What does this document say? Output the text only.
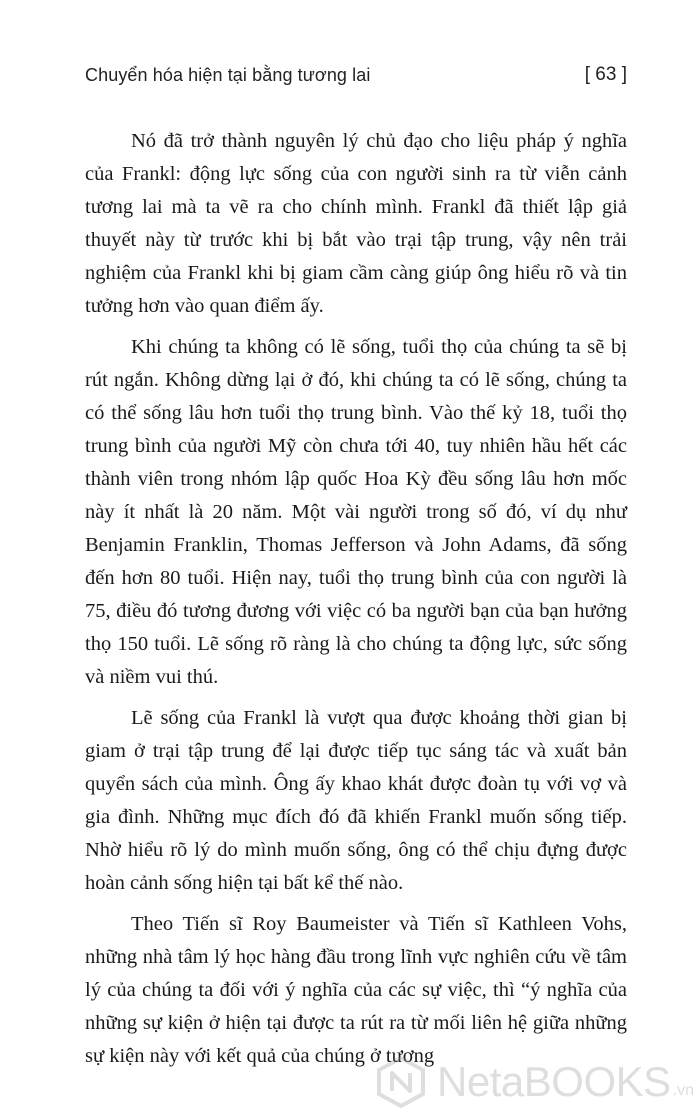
Chuyển hóa hiện tại bằng tương lai	[ 63 ]

Nó đã trở thành nguyên lý chủ đạo cho liệu pháp ý nghĩa của Frankl: động lực sống của con người sinh ra từ viễn cảnh tương lai mà ta vẽ ra cho chính mình. Frankl đã thiết lập giả thuyết này từ trước khi bị bắt vào trại tập trung, vậy nên trải nghiệm của Frankl khi bị giam cầm càng giúp ông hiểu rõ và tin tưởng hơn vào quan điểm ấy.

Khi chúng ta không có lẽ sống, tuổi thọ của chúng ta sẽ bị rút ngắn. Không dừng lại ở đó, khi chúng ta có lẽ sống, chúng ta có thể sống lâu hơn tuổi thọ trung bình. Vào thế kỷ 18, tuổi thọ trung bình của người Mỹ còn chưa tới 40, tuy nhiên hầu hết các thành viên trong nhóm lập quốc Hoa Kỳ đều sống lâu hơn mốc này ít nhất là 20 năm. Một vài người trong số đó, ví dụ như Benjamin Franklin, Thomas Jefferson và John Adams, đã sống đến hơn 80 tuổi. Hiện nay, tuổi thọ trung bình của con người là 75, điều đó tương đương với việc có ba người bạn của bạn hưởng thọ 150 tuổi. Lẽ sống rõ ràng là cho chúng ta động lực, sức sống và niềm vui thú.

Lẽ sống của Frankl là vượt qua được khoảng thời gian bị giam ở trại tập trung để lại được tiếp tục sáng tác và xuất bản quyển sách của mình. Ông ấy khao khát được đoàn tụ với vợ và gia đình. Những mục đích đó đã khiến Frankl muốn sống tiếp. Nhờ hiểu rõ lý do mình muốn sống, ông có thể chịu đựng được hoàn cảnh sống hiện tại bất kể thế nào.

Theo Tiến sĩ Roy Baumeister và Tiến sĩ Kathleen Vohs, những nhà tâm lý học hàng đầu trong lĩnh vực nghiên cứu về tâm lý của chúng ta đối với ý nghĩa của các sự việc, thì “ý nghĩa của những sự kiện ở hiện tại được ta rút ra từ mối liên hệ giữa những sự kiện này với kết quả của chúng ở tương

NetaBOOKS .vn
